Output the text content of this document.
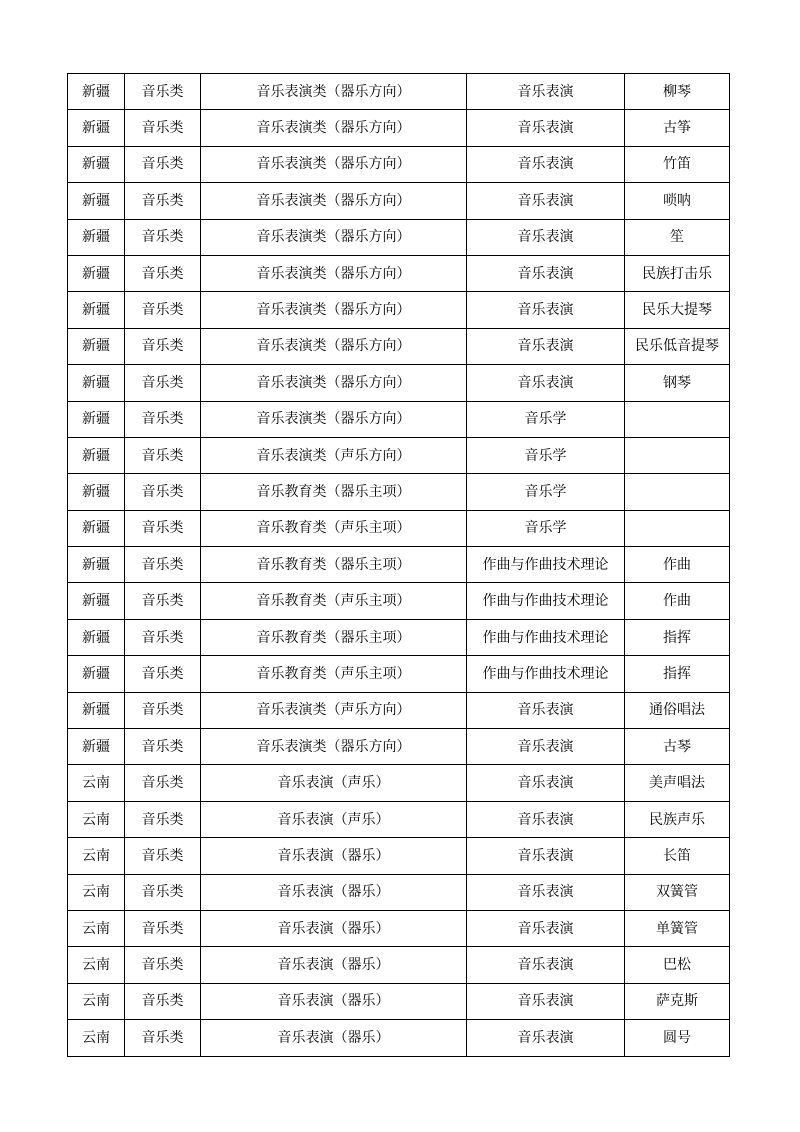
新疆	音乐类	音乐表演类（器乐方向）	音乐表演	柳琴
新疆	音乐类	音乐表演类（器乐方向）	音乐表演	古筝
新疆	音乐类	音乐表演类（器乐方向）	音乐表演	竹笛
新疆	音乐类	音乐表演类（器乐方向）	音乐表演	唢呐
新疆	音乐类	音乐表演类（器乐方向）	音乐表演	笙
新疆	音乐类	音乐表演类（器乐方向）	音乐表演	民族打击乐
新疆	音乐类	音乐表演类（器乐方向）	音乐表演	民乐大提琴
新疆	音乐类	音乐表演类（器乐方向）	音乐表演	民乐低音提琴
新疆	音乐类	音乐表演类（器乐方向）	音乐表演	钢琴
新疆	音乐类	音乐表演类（器乐方向）	音乐学	
新疆	音乐类	音乐表演类（声乐方向）	音乐学	
新疆	音乐类	音乐教育类（器乐主项）	音乐学	
新疆	音乐类	音乐教育类（声乐主项）	音乐学	
新疆	音乐类	音乐教育类（器乐主项）	作曲与作曲技术理论	作曲
新疆	音乐类	音乐教育类（声乐主项）	作曲与作曲技术理论	作曲
新疆	音乐类	音乐教育类（器乐主项）	作曲与作曲技术理论	指挥
新疆	音乐类	音乐教育类（声乐主项）	作曲与作曲技术理论	指挥
新疆	音乐类	音乐表演类（声乐方向）	音乐表演	通俗唱法
新疆	音乐类	音乐表演类（器乐方向）	音乐表演	古琴
云南	音乐类	音乐表演（声乐）	音乐表演	美声唱法
云南	音乐类	音乐表演（声乐）	音乐表演	民族声乐
云南	音乐类	音乐表演（器乐）	音乐表演	长笛
云南	音乐类	音乐表演（器乐）	音乐表演	双簧管
云南	音乐类	音乐表演（器乐）	音乐表演	单簧管
云南	音乐类	音乐表演（器乐）	音乐表演	巴松
云南	音乐类	音乐表演（器乐）	音乐表演	萨克斯
云南	音乐类	音乐表演（器乐）	音乐表演	圆号
